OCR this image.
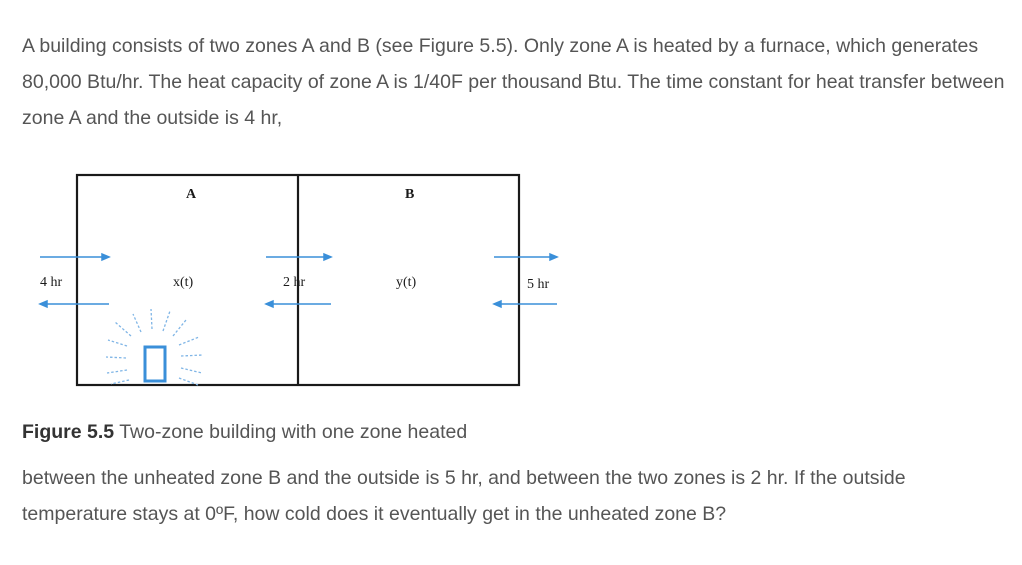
A building consists of two zones A and B (see Figure 5.5). Only zone A is heated by a furnace, which generates 80,000 Btu/hr. The heat capacity of zone A is 1/40F per thousand Btu. The time constant for heat transfer between zone A and the outside is 4 hr,
A	B
x(t)	y(t)
4 hr	2 hr	5 hr
Figure 5.5 Two-zone building with one zone heated
between the unheated zone B and the outside is 5 hr, and between the two zones is 2 hr. If the outside temperature stays at 0ºF, how cold does it eventually get in the unheated zone B?
